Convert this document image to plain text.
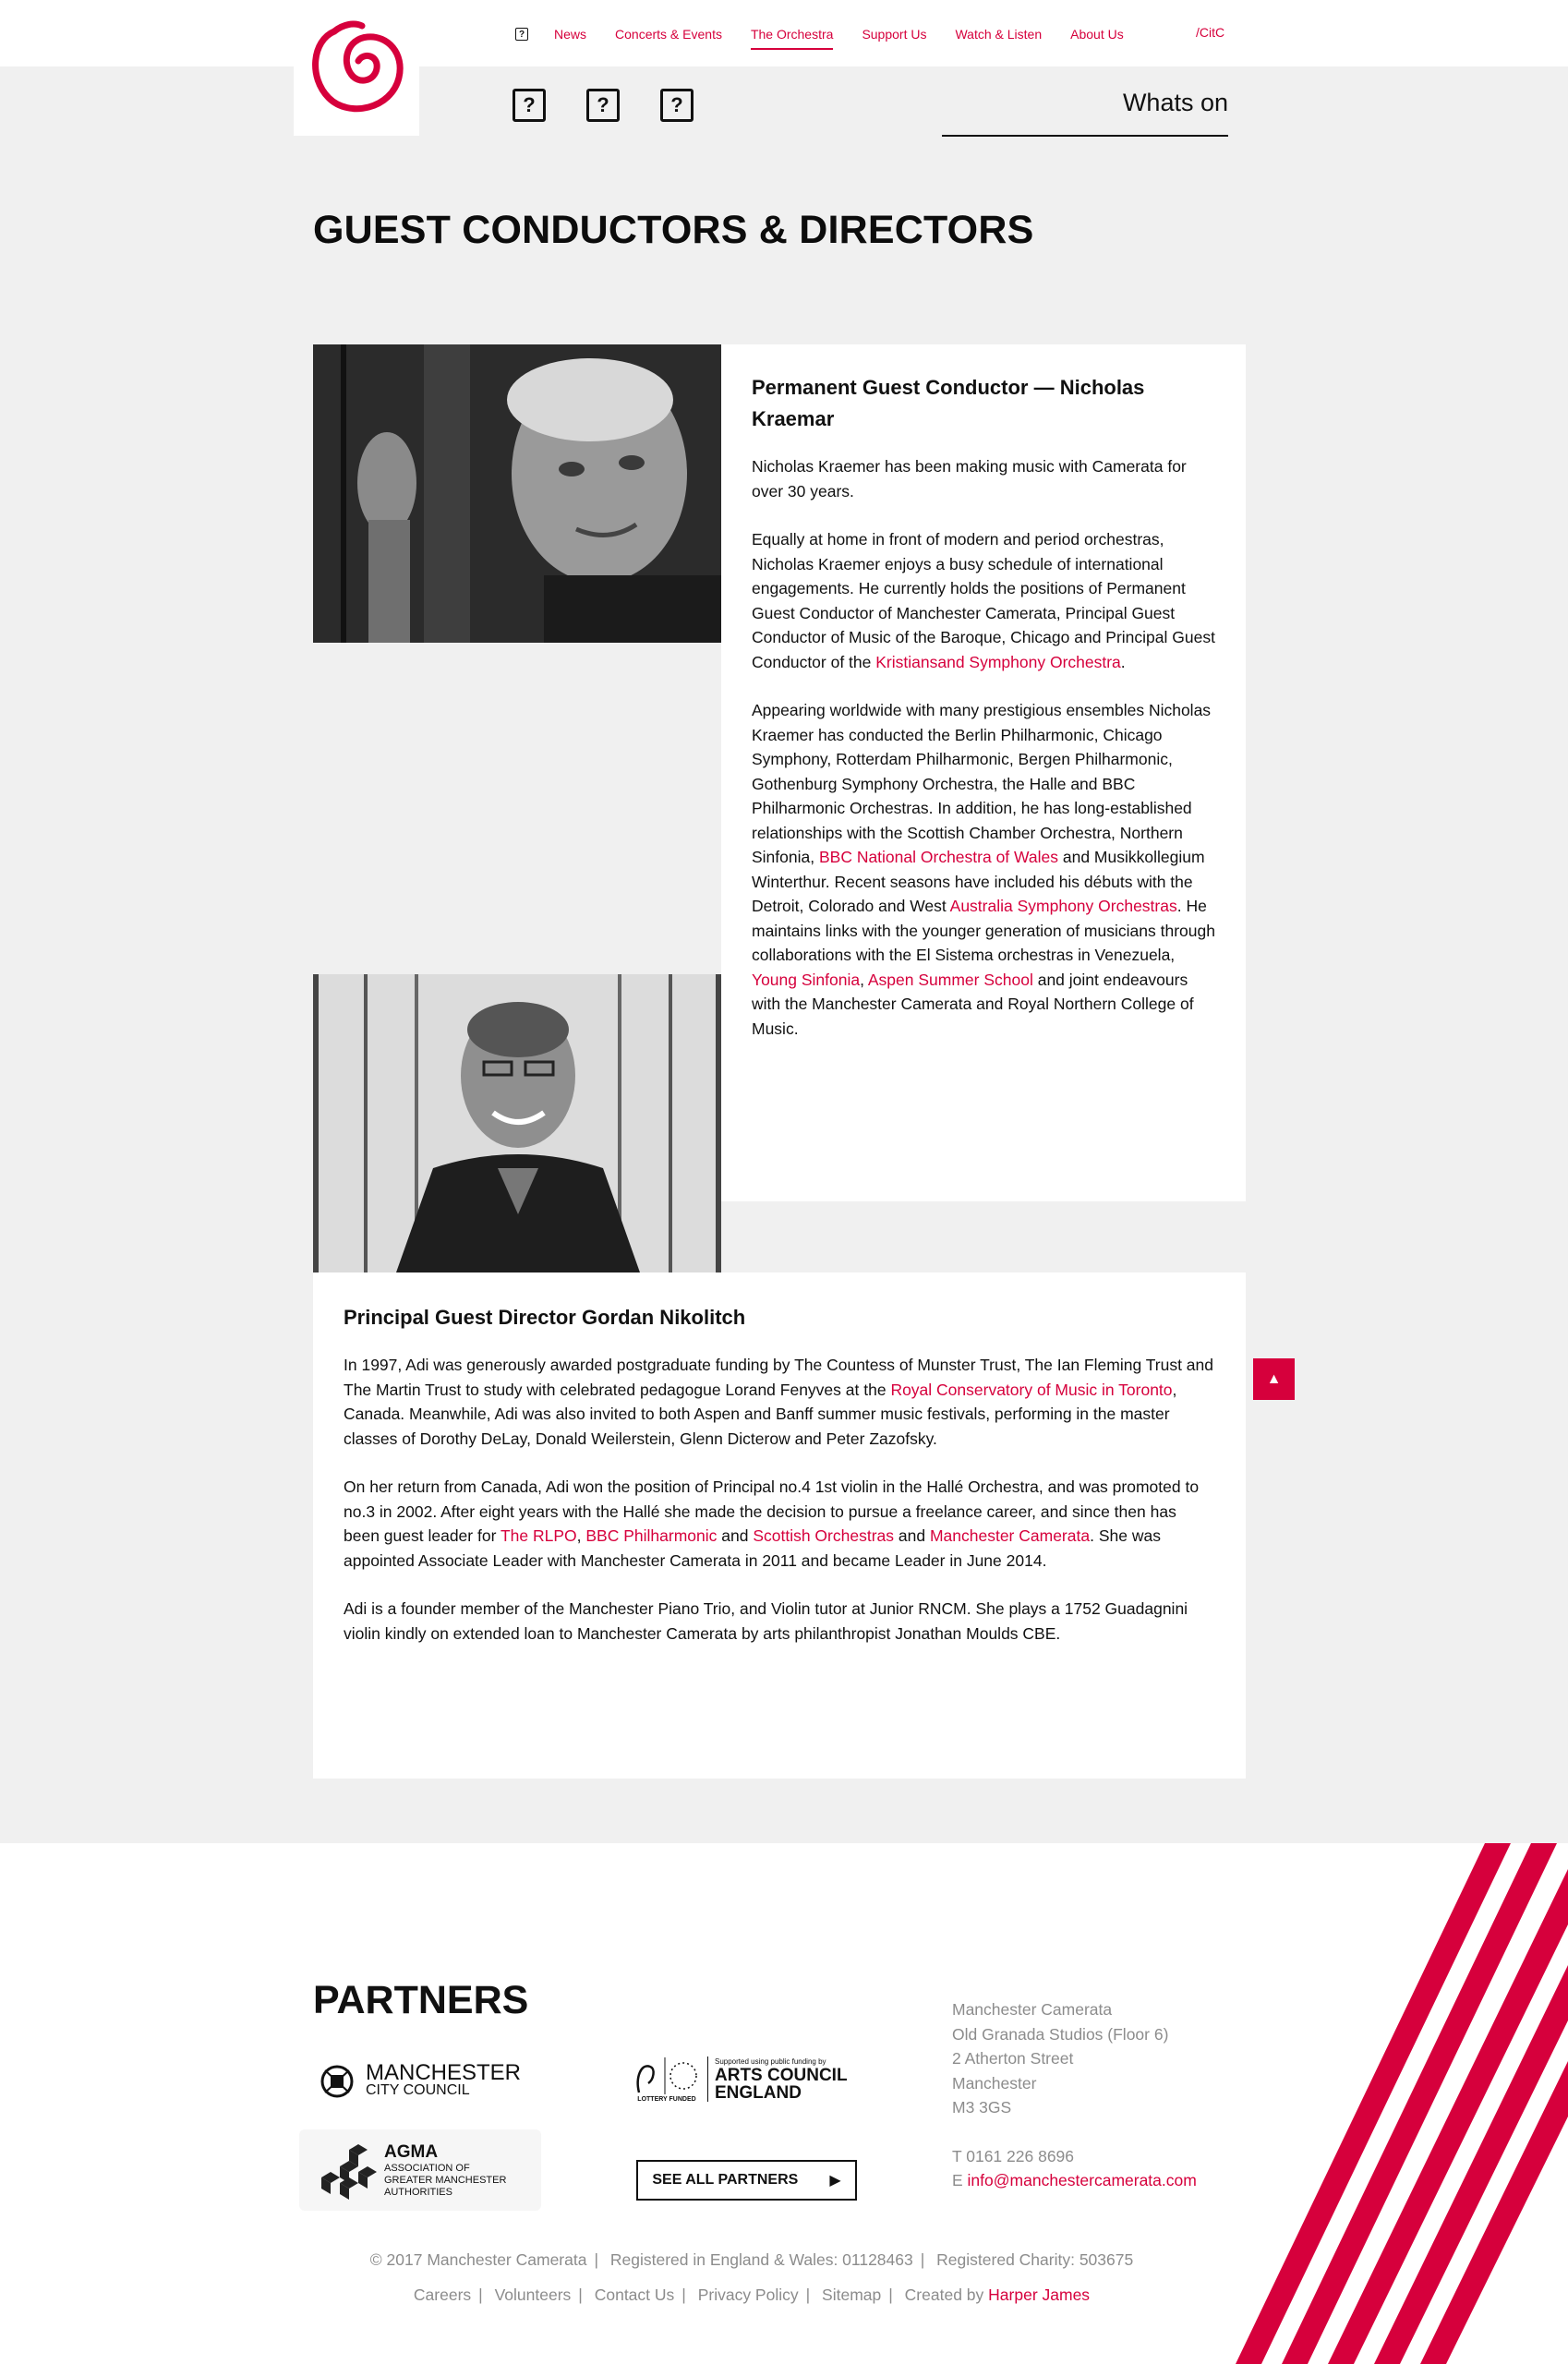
? News Concerts & Events The Orchestra Support Us Watch & Listen About Us	/CitC
?	?	?	Whats on
GUEST CONDUCTORS & DIRECTORS
Permanent Guest Conductor — Nicholas Kraemar

Nicholas Kraemer has been making music with Camerata for over 30 years.

Equally at home in front of modern and period orchestras, Nicholas Kraemer enjoys a busy schedule of international engagements. He currently holds the positions of Permanent Guest Conductor of Manchester Camerata, Principal Guest Conductor of Music of the Baroque, Chicago and Principal Guest Conductor of the Kristiansand Symphony Orchestra.

Appearing worldwide with many prestigious ensembles Nicholas Kraemer has conducted the Berlin Philharmonic, Chicago Symphony, Rotterdam Philharmonic, Bergen Philharmonic, Gothenburg Symphony Orchestra, the Halle and BBC Philharmonic Orchestras. In addition, he has long-established relationships with the Scottish Chamber Orchestra, Northern Sinfonia, BBC National Orchestra of Wales and Musikkollegium Winterthur. Recent seasons have included his débuts with the Detroit, Colorado and West Australia Symphony Orchestras. He maintains links with the younger generation of musicians through collaborations with the El Sistema orchestras in Venezuela, Young Sinfonia, Aspen Summer School and joint endeavours with the Manchester Camerata and Royal Northern College of Music.

Principal Guest Director Gordan Nikolitch

In 1997, Adi was generously awarded postgraduate funding by The Countess of Munster Trust, The Ian Fleming Trust and The Martin Trust to study with celebrated pedagogue Lorand Fenyves at the Royal Conservatory of Music in Toronto, Canada. Meanwhile, Adi was also invited to both Aspen and Banff summer music festivals, performing in the master classes of Dorothy DeLay, Donald Weilerstein, Glenn Dicterow and Peter Zazofsky.

On her return from Canada, Adi won the position of Principal no.4 1st violin in the Hallé Orchestra, and was promoted to no.3 in 2002. After eight years with the Hallé she made the decision to pursue a freelance career, and since then has been guest leader for The RLPO, BBC Philharmonic and Scottish Orchestras and Manchester Camerata. She was appointed Associate Leader with Manchester Camerata in 2011 and became Leader in June 2014.

Adi is a founder member of the Manchester Piano Trio, and Violin tutor at Junior RNCM. She plays a 1752 Guadagnini violin kindly on extended loan to Manchester Camerata by arts philanthropist Jonathan Moulds CBE.

▲
PARTNERS
MANCHESTER
CITY COUNCIL
LOTTERY FUNDED
Supported using public funding by
ARTS COUNCIL
ENGLAND
AGMA
ASSOCIATION OF
GREATER MANCHESTER
AUTHORITIES
SEE ALL PARTNERS ▶
Manchester Camerata
Old Granada Studios (Floor 6)
2 Atherton Street
Manchester
M3 3GS
T 0161 226 8696
E info@manchestercamerata.com
© 2017 Manchester Camerata | Registered in England & Wales: 01128463 | Registered Charity: 503675
Careers | Volunteers | Contact Us | Privacy Policy | Sitemap | Created by Harper James
